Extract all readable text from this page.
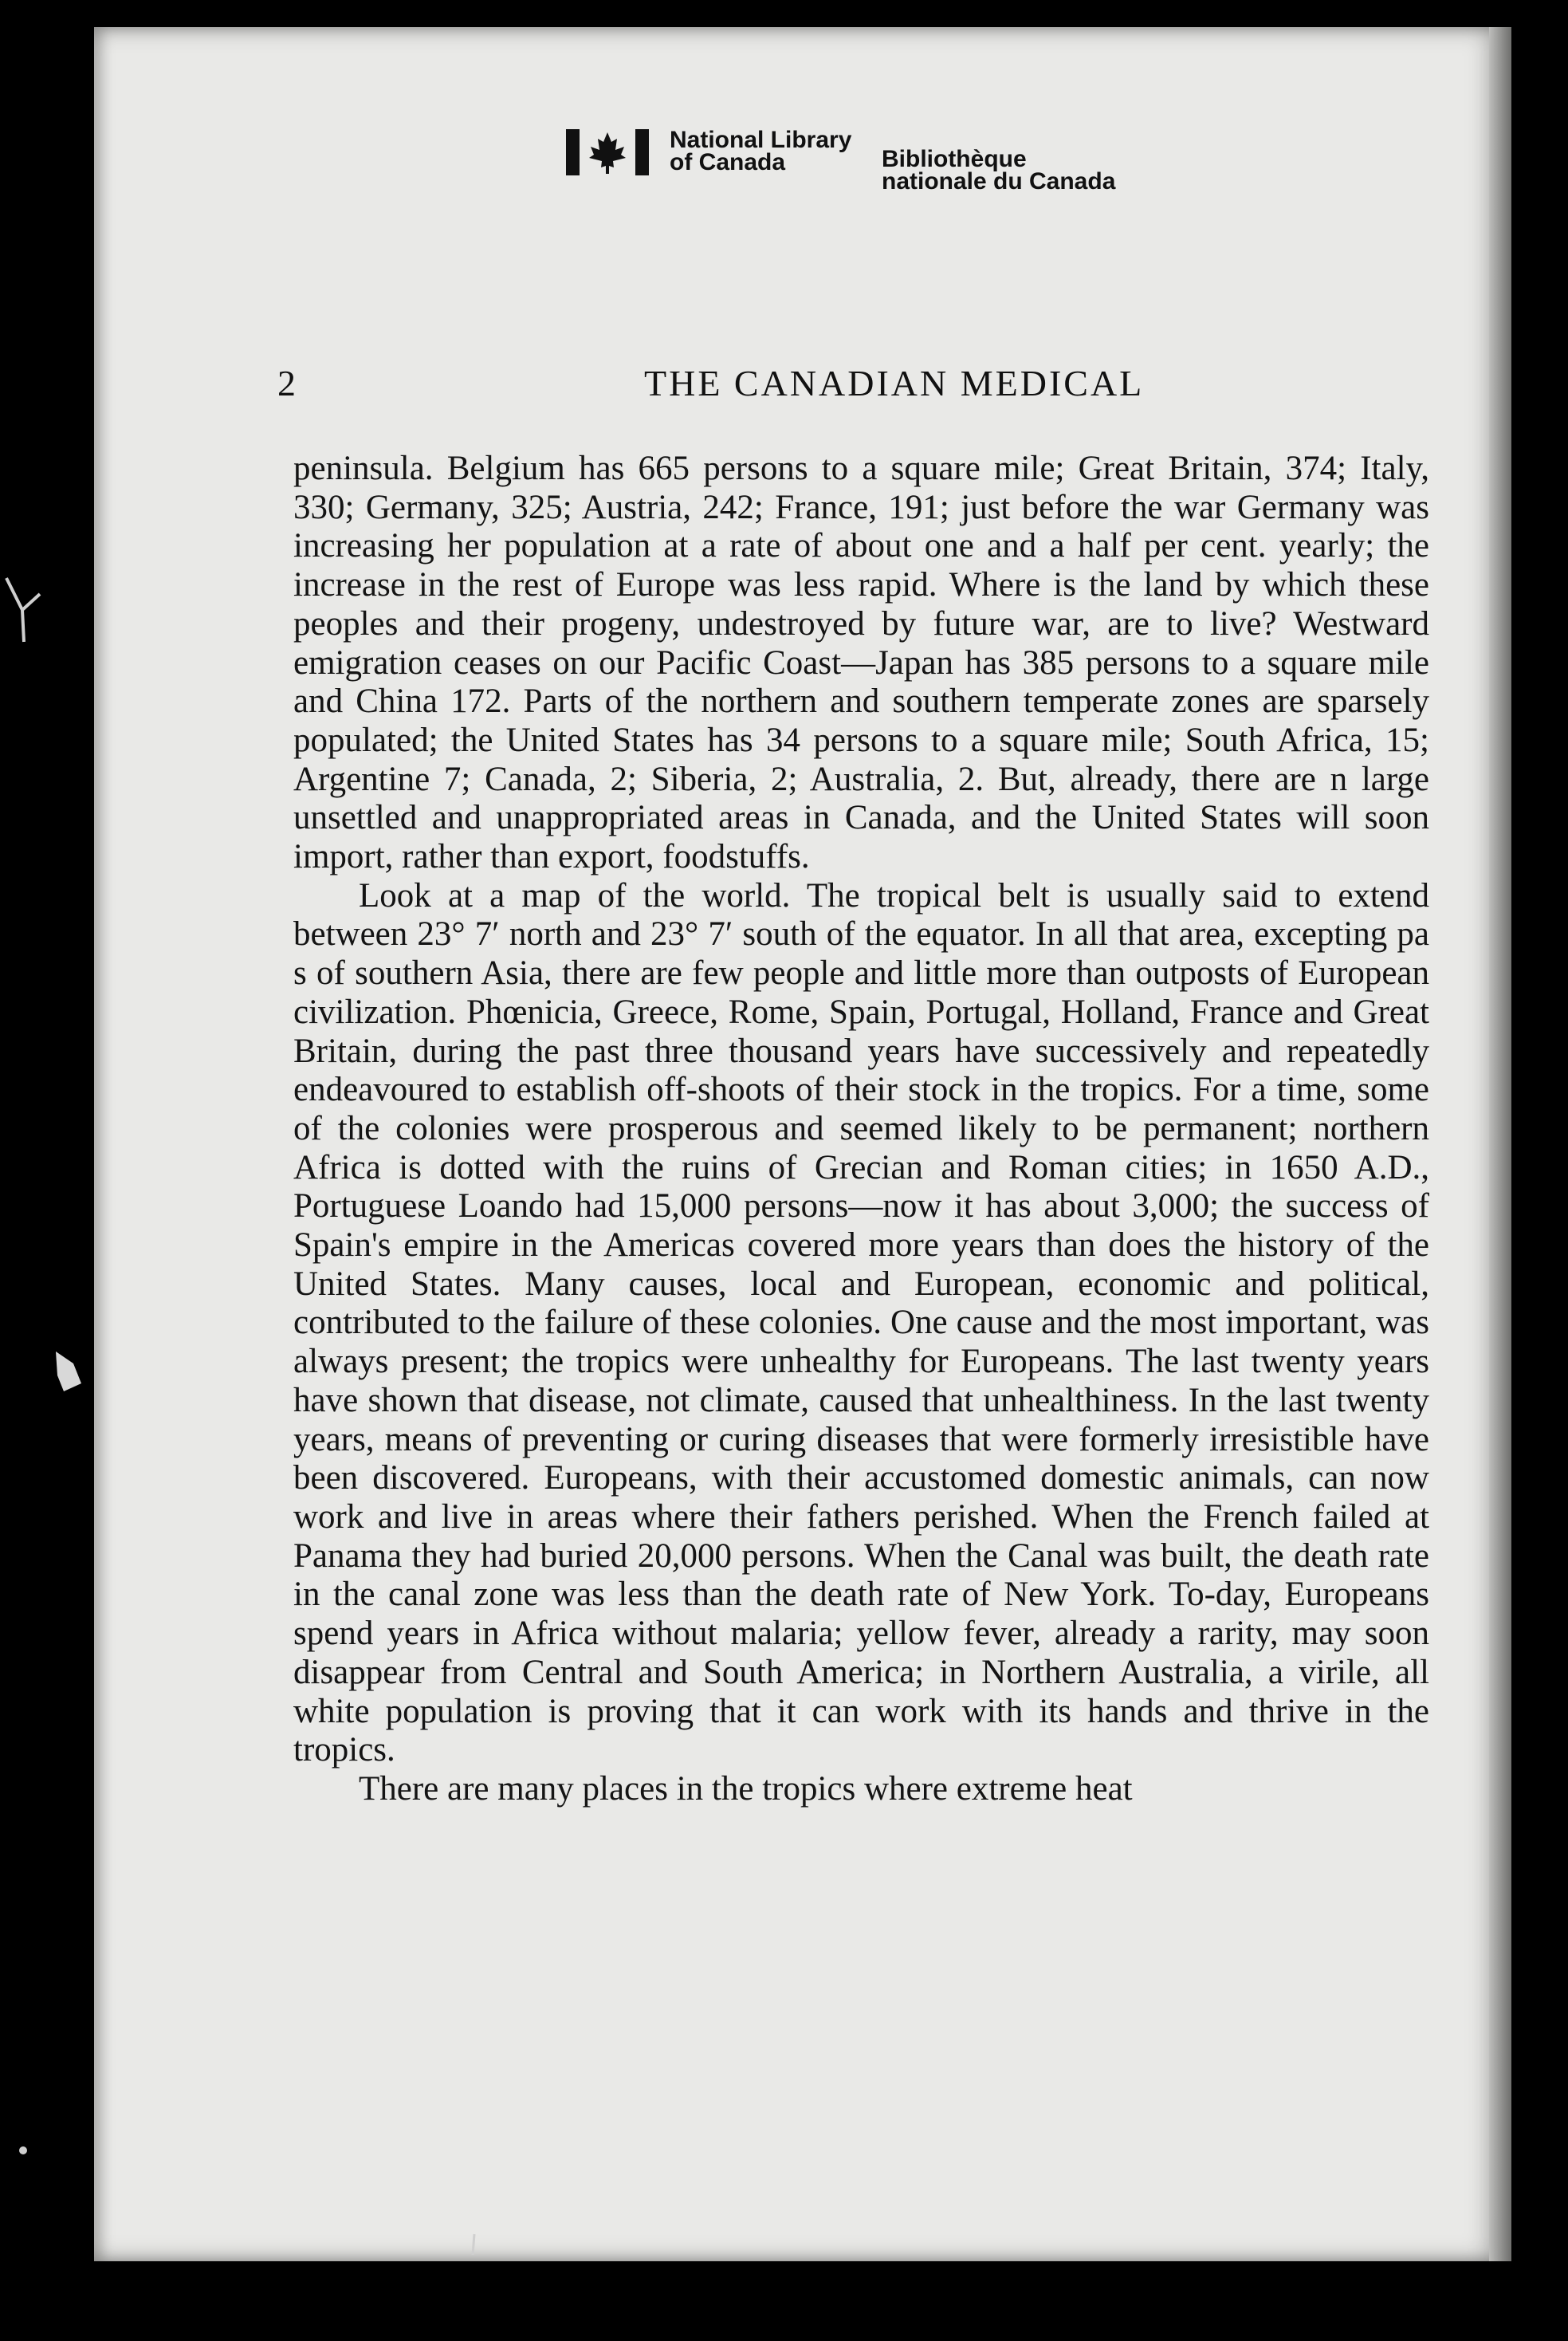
National Library of Canada	Bibliothèque nationale du Canada
2	THE CANADIAN MEDICAL

peninsula. Belgium has 665 persons to a square mile; Great Britain, 374; Italy, 330; Germany, 325; Austria, 242; France, 191; just before the war Germany was increasing her population at a rate of about one and a half per cent. yearly; the increase in the rest of Europe was less rapid. Where is the land by which these peoples and their progeny, undestroyed by future war, are to live? Westward emigration ceases on our Pacific Coast—Japan has 385 persons to a square mile and China 172. Parts of the northern and southern temperate zones are sparsely populated; the United States has 34 persons to a square mile; South Africa, 15; Argentine 7; Canada, 2; Siberia, 2; Australia, 2. But, already, there are n large unsettled and unappropriated areas in Canada, and the United States will soon import, rather than export, foodstuffs.

Look at a map of the world. The tropical belt is usually said to extend between 23° 7′ north and 23° 7′ south of the equator. In all that area, excepting pa s of southern Asia, there are few people and little more than outposts of European civilization. Phœnicia, Greece, Rome, Spain, Portugal, Holland, France and Great Britain, during the past three thousand years have successively and repeatedly endeavoured to establish off-shoots of their stock in the tropics. For a time, some of the colonies were prosperous and seemed likely to be permanent; northern Africa is dotted with the ruins of Grecian and Roman cities; in 1650 A.D., Portuguese Loando had 15,000 persons—now it has about 3,000; the success of Spain's empire in the Americas covered more years than does the history of the United States. Many causes, local and European, economic and political, contributed to the failure of these colonies. One cause and the most important, was always present; the tropics were unhealthy for Europeans. The last twenty years have shown that disease, not climate, caused that unhealthiness. In the last twenty years, means of preventing or curing diseases that were formerly irresistible have been discovered. Europeans, with their accustomed domestic animals, can now work and live in areas where their fathers perished. When the French failed at Panama they had buried 20,000 persons. When the Canal was built, the death rate in the canal zone was less than the death rate of New York. To-day, Europeans spend years in Africa without malaria; yellow fever, already a rarity, may soon disappear from Central and South America; in Northern Australia, a virile, all white population is proving that it can work with its hands and thrive in the tropics.

There are many places in the tropics where extreme heat
